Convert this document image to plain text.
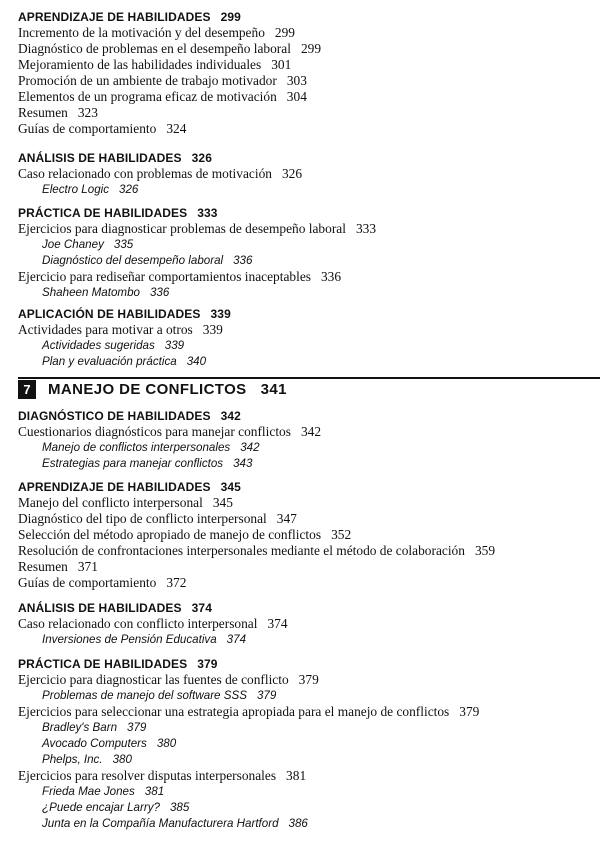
APRENDIZAJE DE HABILIDADES 299
Incremento de la motivación y del desempeño 299
Diagnóstico de problemas en el desempeño laboral 299
Mejoramiento de las habilidades individuales 301
Promoción de un ambiente de trabajo motivador 303
Elementos de un programa eficaz de motivación 304
Resumen 323
Guías de comportamiento 324
ANÁLISIS DE HABILIDADES 326
Caso relacionado con problemas de motivación 326
Electro Logic 326
PRÁCTICA DE HABILIDADES 333
Ejercicios para diagnosticar problemas de desempeño laboral 333
Joe Chaney 335
Diagnóstico del desempeño laboral 336
Ejercicio para rediseñar comportamientos inaceptables 336
Shaheen Matombo 336
APLICACIÓN DE HABILIDADES 339
Actividades para motivar a otros 339
Actividades sugeridas 339
Plan y evaluación práctica 340
7	MANEJO DE CONFLICTOS 341
DIAGNÓSTICO DE HABILIDADES 342
Cuestionarios diagnósticos para manejar conflictos 342
Manejo de conflictos interpersonales 342
Estrategias para manejar conflictos 343
APRENDIZAJE DE HABILIDADES 345
Manejo del conflicto interpersonal 345
Diagnóstico del tipo de conflicto interpersonal 347
Selección del método apropiado de manejo de conflictos 352
Resolución de confrontaciones interpersonales mediante el método de colaboración 359
Resumen 371
Guías de comportamiento 372
ANÁLISIS DE HABILIDADES 374
Caso relacionado con conflicto interpersonal 374
Inversiones de Pensión Educativa 374
PRÁCTICA DE HABILIDADES 379
Ejercicio para diagnosticar las fuentes de conflicto 379
Problemas de manejo del software SSS 379
Ejercicios para seleccionar una estrategia apropiada para el manejo de conflictos 379
Bradley's Barn 379
Avocado Computers 380
Phelps, Inc. 380
Ejercicios para resolver disputas interpersonales 381
Frieda Mae Jones 381
¿Puede encajar Larry? 385
Junta en la Compañía Manufacturera Hartford 386
